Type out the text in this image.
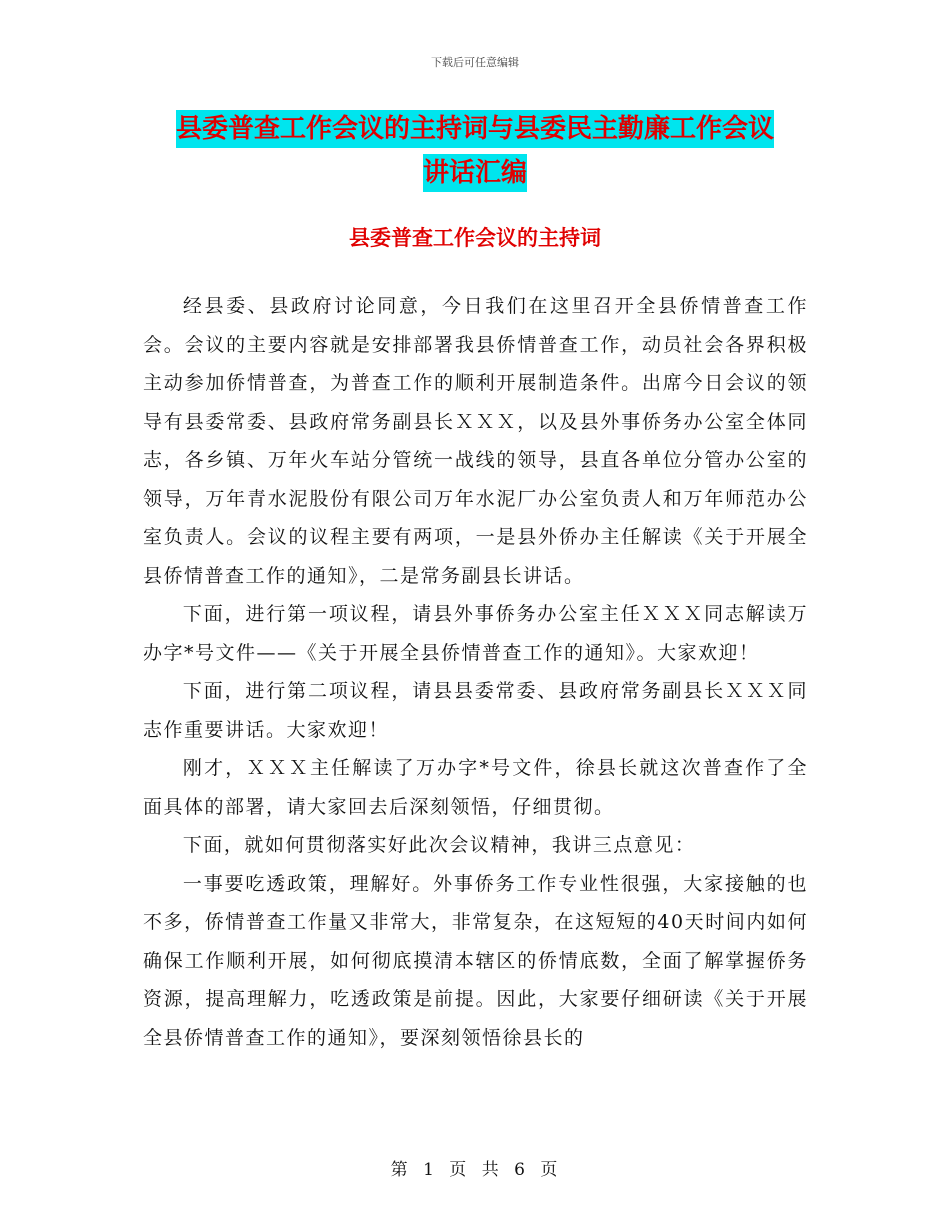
下载后可任意编辑
县委普查工作会议的主持词与县委民主勤廉工作会议
讲话汇编
县委普查工作会议的主持词

经县委、县政府讨论同意，今日我们在这里召开全县侨情普查工作会。会议的主要内容就是安排部署我县侨情普查工作，动员社会各界积极主动参加侨情普查，为普查工作的顺利开展制造条件。出席今日会议的领导有县委常委、县政府常务副县长ＸＸＸ，以及县外事侨务办公室全体同志，各乡镇、万年火车站分管统一战线的领导，县直各单位分管办公室的领导，万年青水泥股份有限公司万年水泥厂办公室负责人和万年师范办公室负责人。会议的议程主要有两项，一是县外侨办主任解读《关于开展全县侨情普查工作的通知》，二是常务副县长讲话。

下面，进行第一项议程，请县外事侨务办公室主任ＸＸＸ同志解读万办字*号文件——《关于开展全县侨情普查工作的通知》。大家欢迎！

下面，进行第二项议程，请县县委常委、县政府常务副县长ＸＸＸ同志作重要讲话。大家欢迎！

刚才，ＸＸＸ主任解读了万办字*号文件，徐县长就这次普查作了全面具体的部署，请大家回去后深刻领悟，仔细贯彻。

下面，就如何贯彻落实好此次会议精神，我讲三点意见：

一事要吃透政策，理解好。外事侨务工作专业性很强，大家接触的也不多，侨情普查工作量又非常大，非常复杂，在这短短的40天时间内如何确保工作顺利开展，如何彻底摸清本辖区的侨情底数，全面了解掌握侨务资源，提高理解力，吃透政策是前提。因此，大家要仔细研读《关于开展全县侨情普查工作的通知》，要深刻领悟徐县长的

第 1 页 共 6 页
